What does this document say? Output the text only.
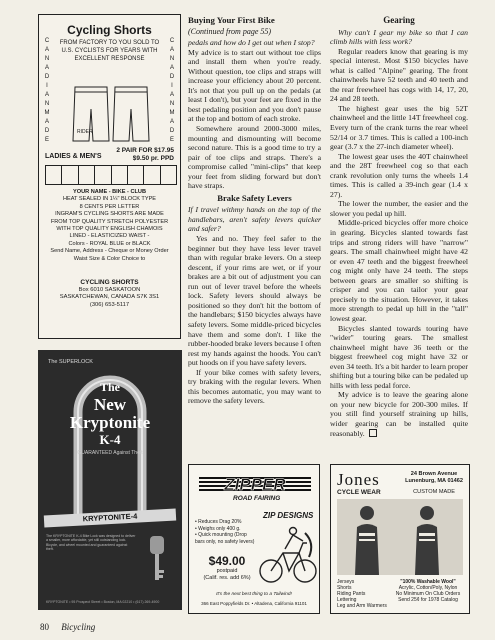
C
A
N
A
D
I
A
N
M
A
D
E
C
A
N
A
D
I
A
N
M
A
D
E
Cycling Shorts
FROM FACTORY TO YOU SOLD TO U.S. CYCLISTS FOR YEARS WITH EXCELLENT RESPONSE
RIDER
LADIES & MEN'S
2 PAIR FOR $17.95
$9.50 pr. PPD
YOUR NAME - BIKE - CLUB
HEAT SEALED IN 1¼" BLOCK TYPE
8 CENTS PER LETTER
INGRAM'S CYCLING SHORTS ARE MADE
FROM TOP QUALITY STRETCH POLYESTER
WITH TOP QUALITY ENGLISH CHAMOIS
LINED - ELASTICIZED WAIST -
Colors - ROYAL BLUE or BLACK
Send Name, Address - Cheque or Money Order
Waist Size & Color Choice to
CYCLING SHORTS
Box 6010 SASKATOON
SASKATCHEWAN, CANADA S7K 3S1
(306) 653-5117
The SUPERLOCK
The
New
Kryptonite
K-4
GUARANTEED Against Theft
KRYPTONITE-4
The KRYPTONITE K-4 Bike Lock was designed to deliver a smaller, more affordable, yet still outstanding lock. Bicycle, and wheel mounted and guaranteed against theft.
KRYPTONITE • 95 Prospect Street • Boston, MA 02210 • (617) 269-4900
Buying Your First Bike
(Continued from page 55)

pedals and how do I get out when I stop?

My advice is to start out without toe clips and install them when you're ready. Without question, toe clips and straps will increase your efficiency about 20 percent. It's not that you pull up on the pedals (at least I don't), but your feet are fixed in the best pedaling position and you don't pause at the top and bottom of each stroke.

Somewhere around 2000-3000 miles, mounting and dismounting will become second nature. This is a good time to try a pair of toe clips and straps. There's a compromise called "mini-clips" that keep your feet from sliding forward but don't have straps.

Brake Safety Levers

If I travel withmy hands on the top of the handlebars, aren't safety levers quicker and safer?

Yes and no. They feel safer to the beginner but they have less lever travel than with regular brake levers. On a steep descent, if your rims are wet, or if your brakes are a bit out of adjustment you can run out of lever travel before the wheels lock. Safety levers should always be positioned so they don't hit the bottom of the handlebars; $150 bicycles always have safety levers. Some middle-priced bicycles have them and some don't. I like the rubber-hooded brake levers because I often rest my hands against the hoods. You can't put hoods on if you have safety levers.

If your bike comes with safety levers, try braking with the regular levers. When this becomes automatic, you may want to remove the safety levers.

Gearing

Why can't I gear my bike so that I can climb hills with less work?

Regular readers know that gearing is my special interest. Most $150 bicycles have what is called "Alpine" gearing. The front chainwheels have 52 teeth and 40 teeth and the rear freewheel has cogs with 14, 17, 20, 24 and 28 teeth.

The highest gear uses the big 52T chainwheel and the little 14T freewheel cog. Every turn of the crank turns the rear wheel 52/14 or 3.7 times. This is called a 100-inch gear (3.7 x the 27-inch diameter wheel).

The lowest gear uses the 40T chainwheel and the 28T freewheel cog so that each crank revolution only turns the wheels 1.4 times. This is called a 39-inch gear (1.4 x 27).

The lower the number, the easier and the slower you pedal up hill.

Middle-priced bicycles offer more choice in gearing. Bicycles slanted towards fast trips and strong riders will have "narrow" gears. The small chainwheel might have 42 or even 47 teeth and the biggest freewheel cog might only have 24 teeth. The steps between gears are smaller so shifting is crisper and you can tailor your gear precisely to the situation. However, it takes more strength to pedal up hill in the "tall" lowest gear.

Bicycles slanted towards touring have "wider" touring gears. The smallest chainwheel might have 36 teeth or the biggest freewheel cog might have 32 or even 34 teeth. It's a bit harder to learn proper shifting but a touring bike can be pedaled up hills with less pedal force.

My advice is to leave the gearing alone on your new bicycle for 200-300 miles. If you still find yourself straining up hills, wider gearing can be installed quite reasonably.

ZIPPER
ROAD FAIRING
ZIP DESIGNS
• Reduces Drag 20%
• Weighs only 400 g.
• Quick mounting (Drop bars only, no safety levers)
$49.00
postpaid
(Calif. res. add 6%)
It's the next best thing to a Tailwind!
366 East Poppyfields Dr. • Altadena, California 91101
Jones
CYCLE WEAR
24 Brown Avenue
Lunenburg, MA 01462
CUSTOM MADE
Jerseys
Shorts
Riding Pants
Lettering
Leg and Arm Warmers
"100% Washable Wool"
Acrylic, Cotton/Poly, Nylon
No Minimum On Club Orders
Send 25¢ for 1978 Catalog
80 Bicycling
